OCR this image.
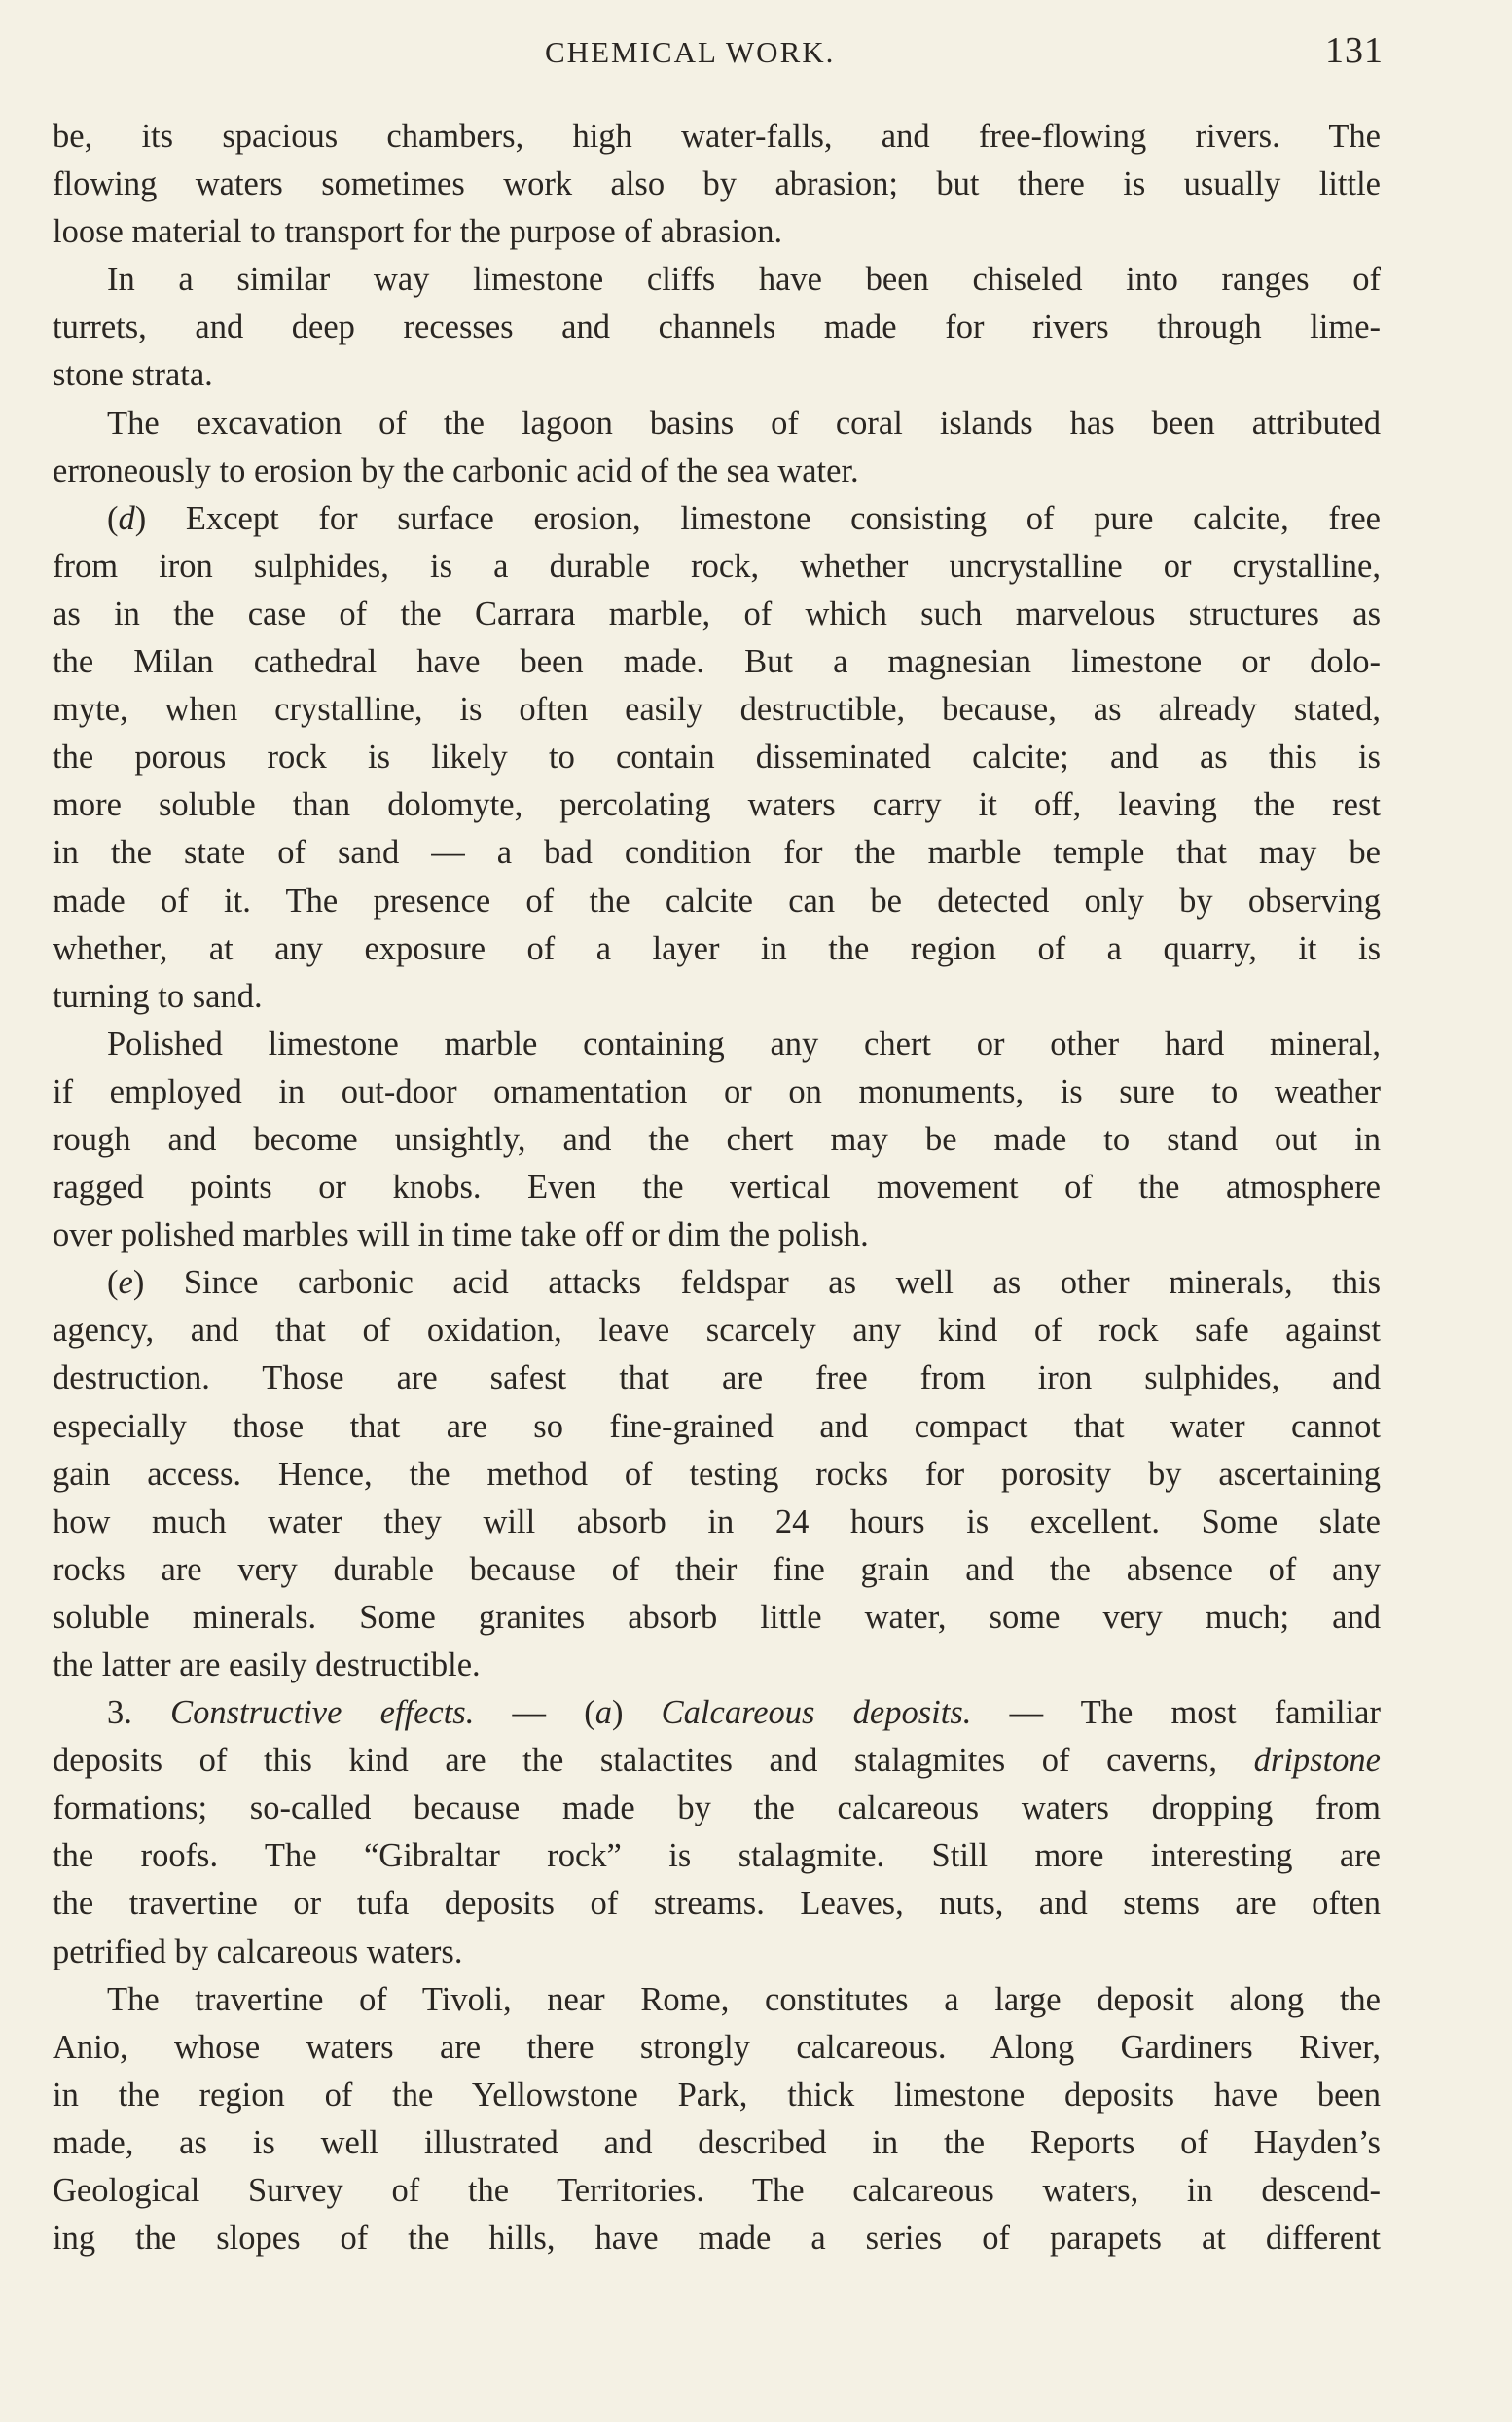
CHEMICAL WORK.	131
be, its spacious chambers, high water-falls, and free-flowing rivers. The
flowing waters sometimes work also by abrasion; but there is usually little
loose material to transport for the purpose of abrasion.
In a similar way limestone cliffs have been chiseled into ranges of
turrets, and deep recesses and channels made for rivers through lime-
stone strata.
The excavation of the lagoon basins of coral islands has been attributed
erroneously to erosion by the carbonic acid of the sea water.
(d) Except for surface erosion, limestone consisting of pure calcite, free
from iron sulphides, is a durable rock, whether uncrystalline or crystalline,
as in the case of the Carrara marble, of which such marvelous structures as
the Milan cathedral have been made. But a magnesian limestone or dolo-
myte, when crystalline, is often easily destructible, because, as already stated,
the porous rock is likely to contain disseminated calcite; and as this is
more soluble than dolomyte, percolating waters carry it off, leaving the rest
in the state of sand — a bad condition for the marble temple that may be
made of it. The presence of the calcite can be detected only by observing
whether, at any exposure of a layer in the region of a quarry, it is
turning to sand.
Polished limestone marble containing any chert or other hard mineral,
if employed in out-door ornamentation or on monuments, is sure to weather
rough and become unsightly, and the chert may be made to stand out in
ragged points or knobs. Even the vertical movement of the atmosphere
over polished marbles will in time take off or dim the polish.
(e) Since carbonic acid attacks feldspar as well as other minerals, this
agency, and that of oxidation, leave scarcely any kind of rock safe against
destruction. Those are safest that are free from iron sulphides, and
especially those that are so fine-grained and compact that water cannot
gain access. Hence, the method of testing rocks for porosity by ascertaining
how much water they will absorb in 24 hours is excellent. Some slate
rocks are very durable because of their fine grain and the absence of any
soluble minerals. Some granites absorb little water, some very much; and
the latter are easily destructible.
3. Constructive effects. — (a) Calcareous deposits. — The most familiar
deposits of this kind are the stalactites and stalagmites of caverns, dripstone
formations; so-called because made by the calcareous waters dropping from
the roofs. The “Gibraltar rock” is stalagmite. Still more interesting are
the travertine or tufa deposits of streams. Leaves, nuts, and stems are often
petrified by calcareous waters.
The travertine of Tivoli, near Rome, constitutes a large deposit along the
Anio, whose waters are there strongly calcareous. Along Gardiners River,
in the region of the Yellowstone Park, thick limestone deposits have been
made, as is well illustrated and described in the Reports of Hayden’s
Geological Survey of the Territories. The calcareous waters, in descend-
ing the slopes of the hills, have made a series of parapets at different
